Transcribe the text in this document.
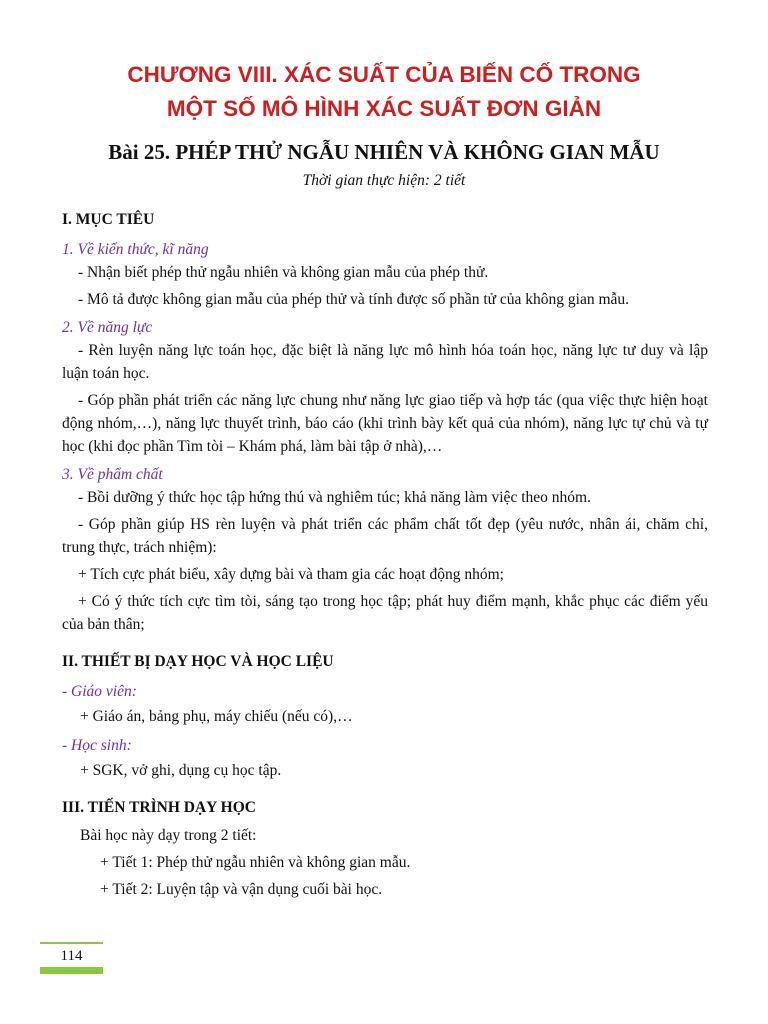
CHƯƠNG VIII. XÁC SUẤT CỦA BIẾN CỐ TRONG
MỘT SỐ MÔ HÌNH XÁC SUẤT ĐƠN GIẢN
Bài 25. PHÉP THỬ NGẪU NHIÊN VÀ KHÔNG GIAN MẪU
Thời gian thực hiện: 2 tiết
I. MỤC TIÊU
1. Về kiến thức, kĩ năng
- Nhận biết phép thử ngẫu nhiên và không gian mẫu của phép thử.
- Mô tả được không gian mẫu của phép thử và tính được số phần tử của không gian mẫu.
2. Về năng lực
- Rèn luyện năng lực toán học, đặc biệt là năng lực mô hình hóa toán học, năng lực tư duy và lập luận toán học.
- Góp phần phát triển các năng lực chung như năng lực giao tiếp và hợp tác (qua việc thực hiện hoạt động nhóm,…), năng lực thuyết trình, báo cáo (khi trình bày kết quả của nhóm), năng lực tự chủ và tự học (khi đọc phần Tìm tòi – Khám phá, làm bài tập ở nhà),…
3. Về phẩm chất
- Bồi dưỡng ý thức học tập hứng thú và nghiêm túc; khả năng làm việc theo nhóm.
- Góp phần giúp HS rèn luyện và phát triển các phẩm chất tốt đẹp (yêu nước, nhân ái, chăm chỉ, trung thực, trách nhiệm):
+ Tích cực phát biểu, xây dựng bài và tham gia các hoạt động nhóm;
+ Có ý thức tích cực tìm tòi, sáng tạo trong học tập; phát huy điểm mạnh, khắc phục các điểm yếu của bản thân;
II. THIẾT BỊ DẠY HỌC VÀ HỌC LIỆU
- Giáo viên:
+ Giáo án, bảng phụ, máy chiếu (nếu có),…
- Học sinh:
+ SGK, vở ghi, dụng cụ học tập.
III. TIẾN TRÌNH DẠY HỌC
Bài học này dạy trong 2 tiết:
+ Tiết 1: Phép thử ngẫu nhiên và không gian mẫu.
+ Tiết 2: Luyện tập và vận dụng cuối bài học.
114
